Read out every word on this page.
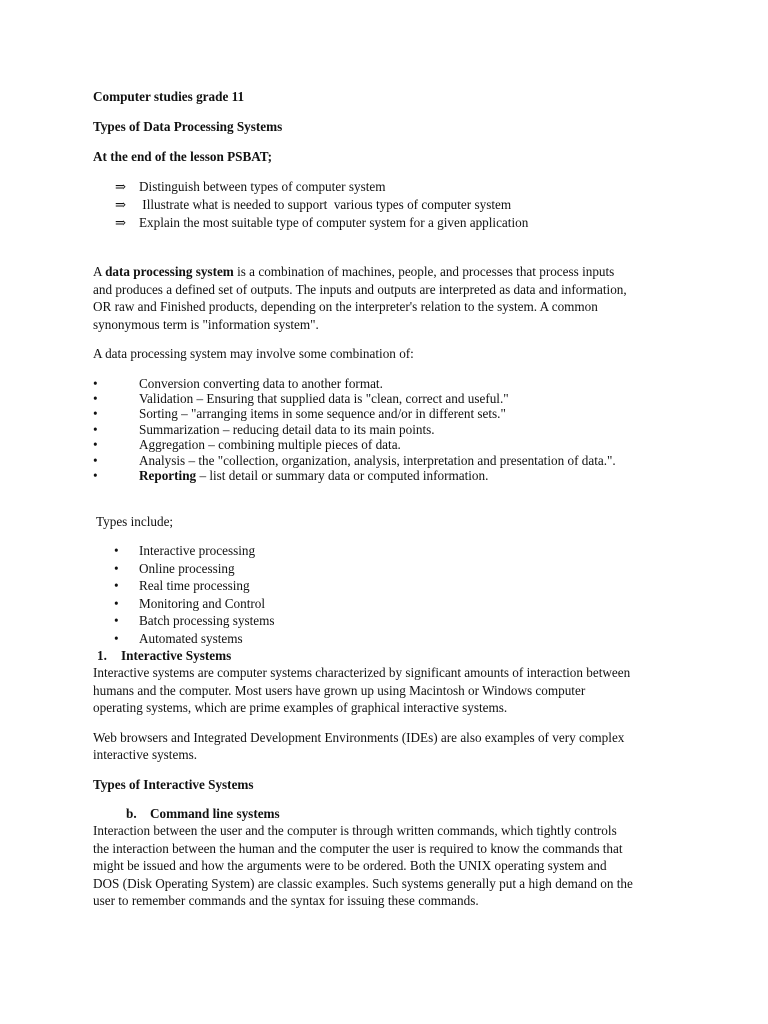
Computer studies grade 11
Types of Data Processing Systems
At the end of the lesson PSBAT;
⇒ Distinguish between types of computer system
⇒ Illustrate what is needed to support  various types of computer system
⇒ Explain the most suitable type of computer system for a given application
A data processing system is a combination of machines, people, and processes that process inputs
and produces a defined set of outputs. The inputs and outputs are interpreted as data and information,
OR raw and Finished products, depending on the interpreter's relation to the system. A common
synonymous term is "information system".
A data processing system may involve some combination of:
•	Conversion converting data to another format.
•	Validation – Ensuring that supplied data is "clean, correct and useful."
•	Sorting – "arranging items in some sequence and/or in different sets."
•	Summarization – reducing detail data to its main points.
•	Aggregation – combining multiple pieces of data.
•	Analysis – the "collection, organization, analysis, interpretation and presentation of data.".
•	Reporting – list detail or summary data or computed information.
Types include;
• Interactive processing
• Online processing
• Real time processing
• Monitoring and Control
• Batch processing systems
• Automated systems
1. Interactive Systems
Interactive systems are computer systems characterized by significant amounts of interaction between
humans and the computer. Most users have grown up using Macintosh or Windows computer
operating systems, which are prime examples of graphical interactive systems.
Web browsers and Integrated Development Environments (IDEs) are also examples of very complex
interactive systems.
Types of Interactive Systems
b. Command line systems
Interaction between the user and the computer is through written commands, which tightly controls
the interaction between the human and the computer the user is required to know the commands that
might be issued and how the arguments were to be ordered. Both the UNIX operating system and
DOS (Disk Operating System) are classic examples. Such systems generally put a high demand on the
user to remember commands and the syntax for issuing these commands.
